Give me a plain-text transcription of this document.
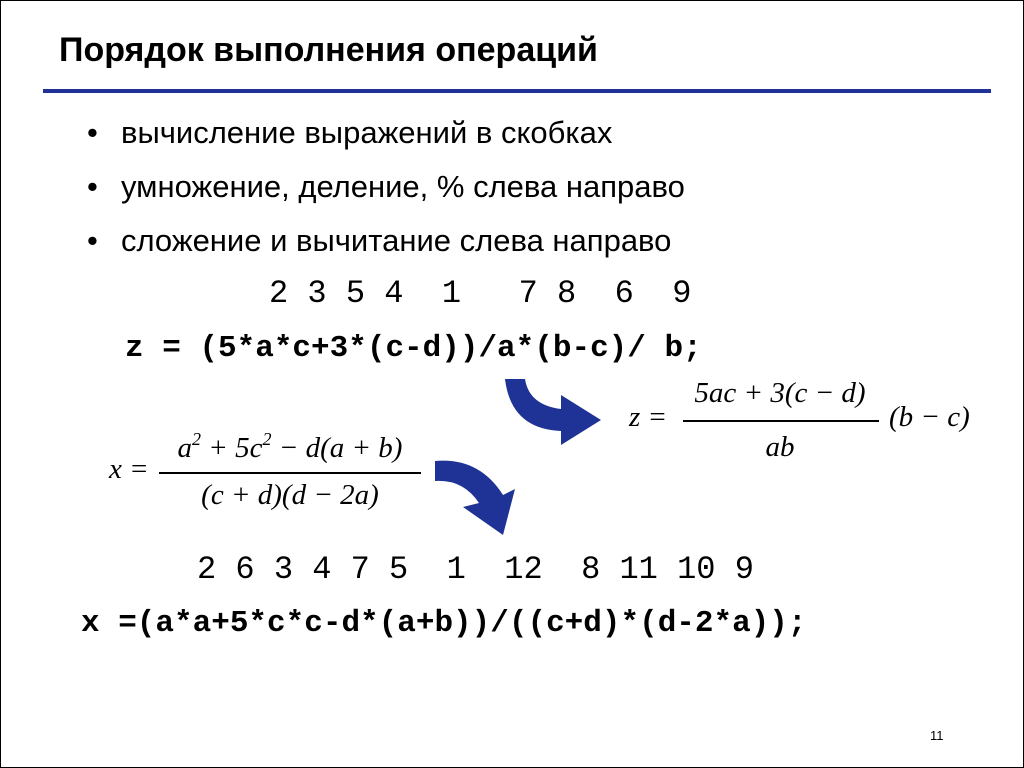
Порядок выполнения операций
• вычисление выражений в скобках
• умножение, деление, % слева направо
• сложение и вычитание слева направо
2 3 5 4  1   7 8  6  9
z = (5*a*c+3*(c-d))/a*(b-c)/ b;
z =
5ac + 3(c − d)
ab
(b − c)
x =
$a^2 + 5c^2 - d(a + b)$
(c + d)(d − 2a)
2 6 3 4 7 5  1  12  8 11 10 9
x =(a*a+5*c*c-d*(a+b))/((c+d)*(d-2*a));
11
